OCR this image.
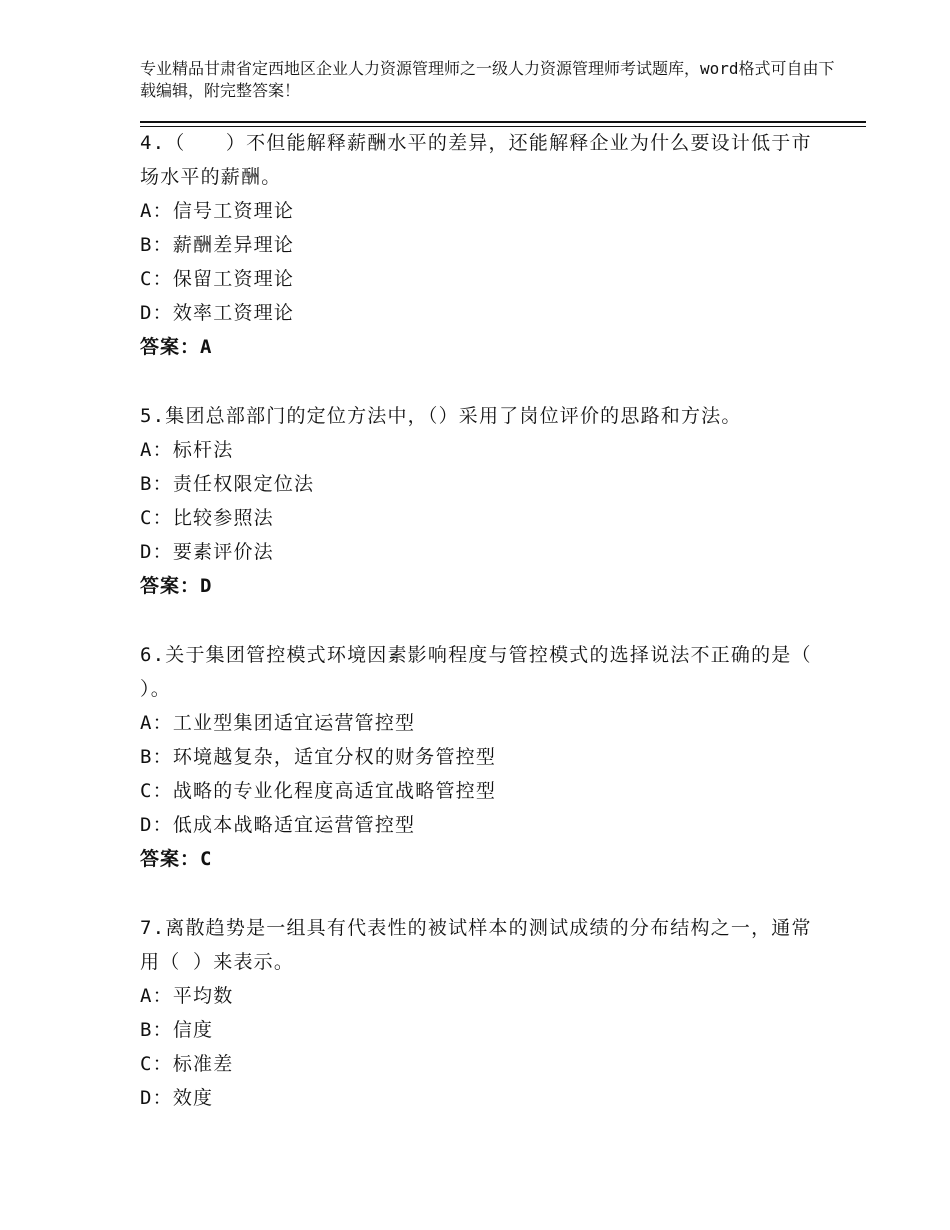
专业精品甘肃省定西地区企业人力资源管理师之一级人力资源管理师考试题库，word格式可自由下载编辑，附完整答案！
4.（　　）不但能解释薪酬水平的差异，还能解释企业为什么要设计低于市场水平的薪酬。
A：信号工资理论
B：薪酬差异理论
C：保留工资理论
D：效率工资理论
答案：A
5.集团总部部门的定位方法中，（）采用了岗位评价的思路和方法。
A：标杆法
B：责任权限定位法
C：比较参照法
D：要素评价法
答案：D
6.关于集团管控模式环境因素影响程度与管控模式的选择说法不正确的是（ ）。
A：工业型集团适宜运营管控型
B：环境越复杂，适宜分权的财务管控型
C：战略的专业化程度高适宜战略管控型
D：低成本战略适宜运营管控型
答案：C
7.离散趋势是一组具有代表性的被试样本的测试成绩的分布结构之一，通常用（ ）来表示。
A：平均数
B：信度
C：标准差
D：效度
